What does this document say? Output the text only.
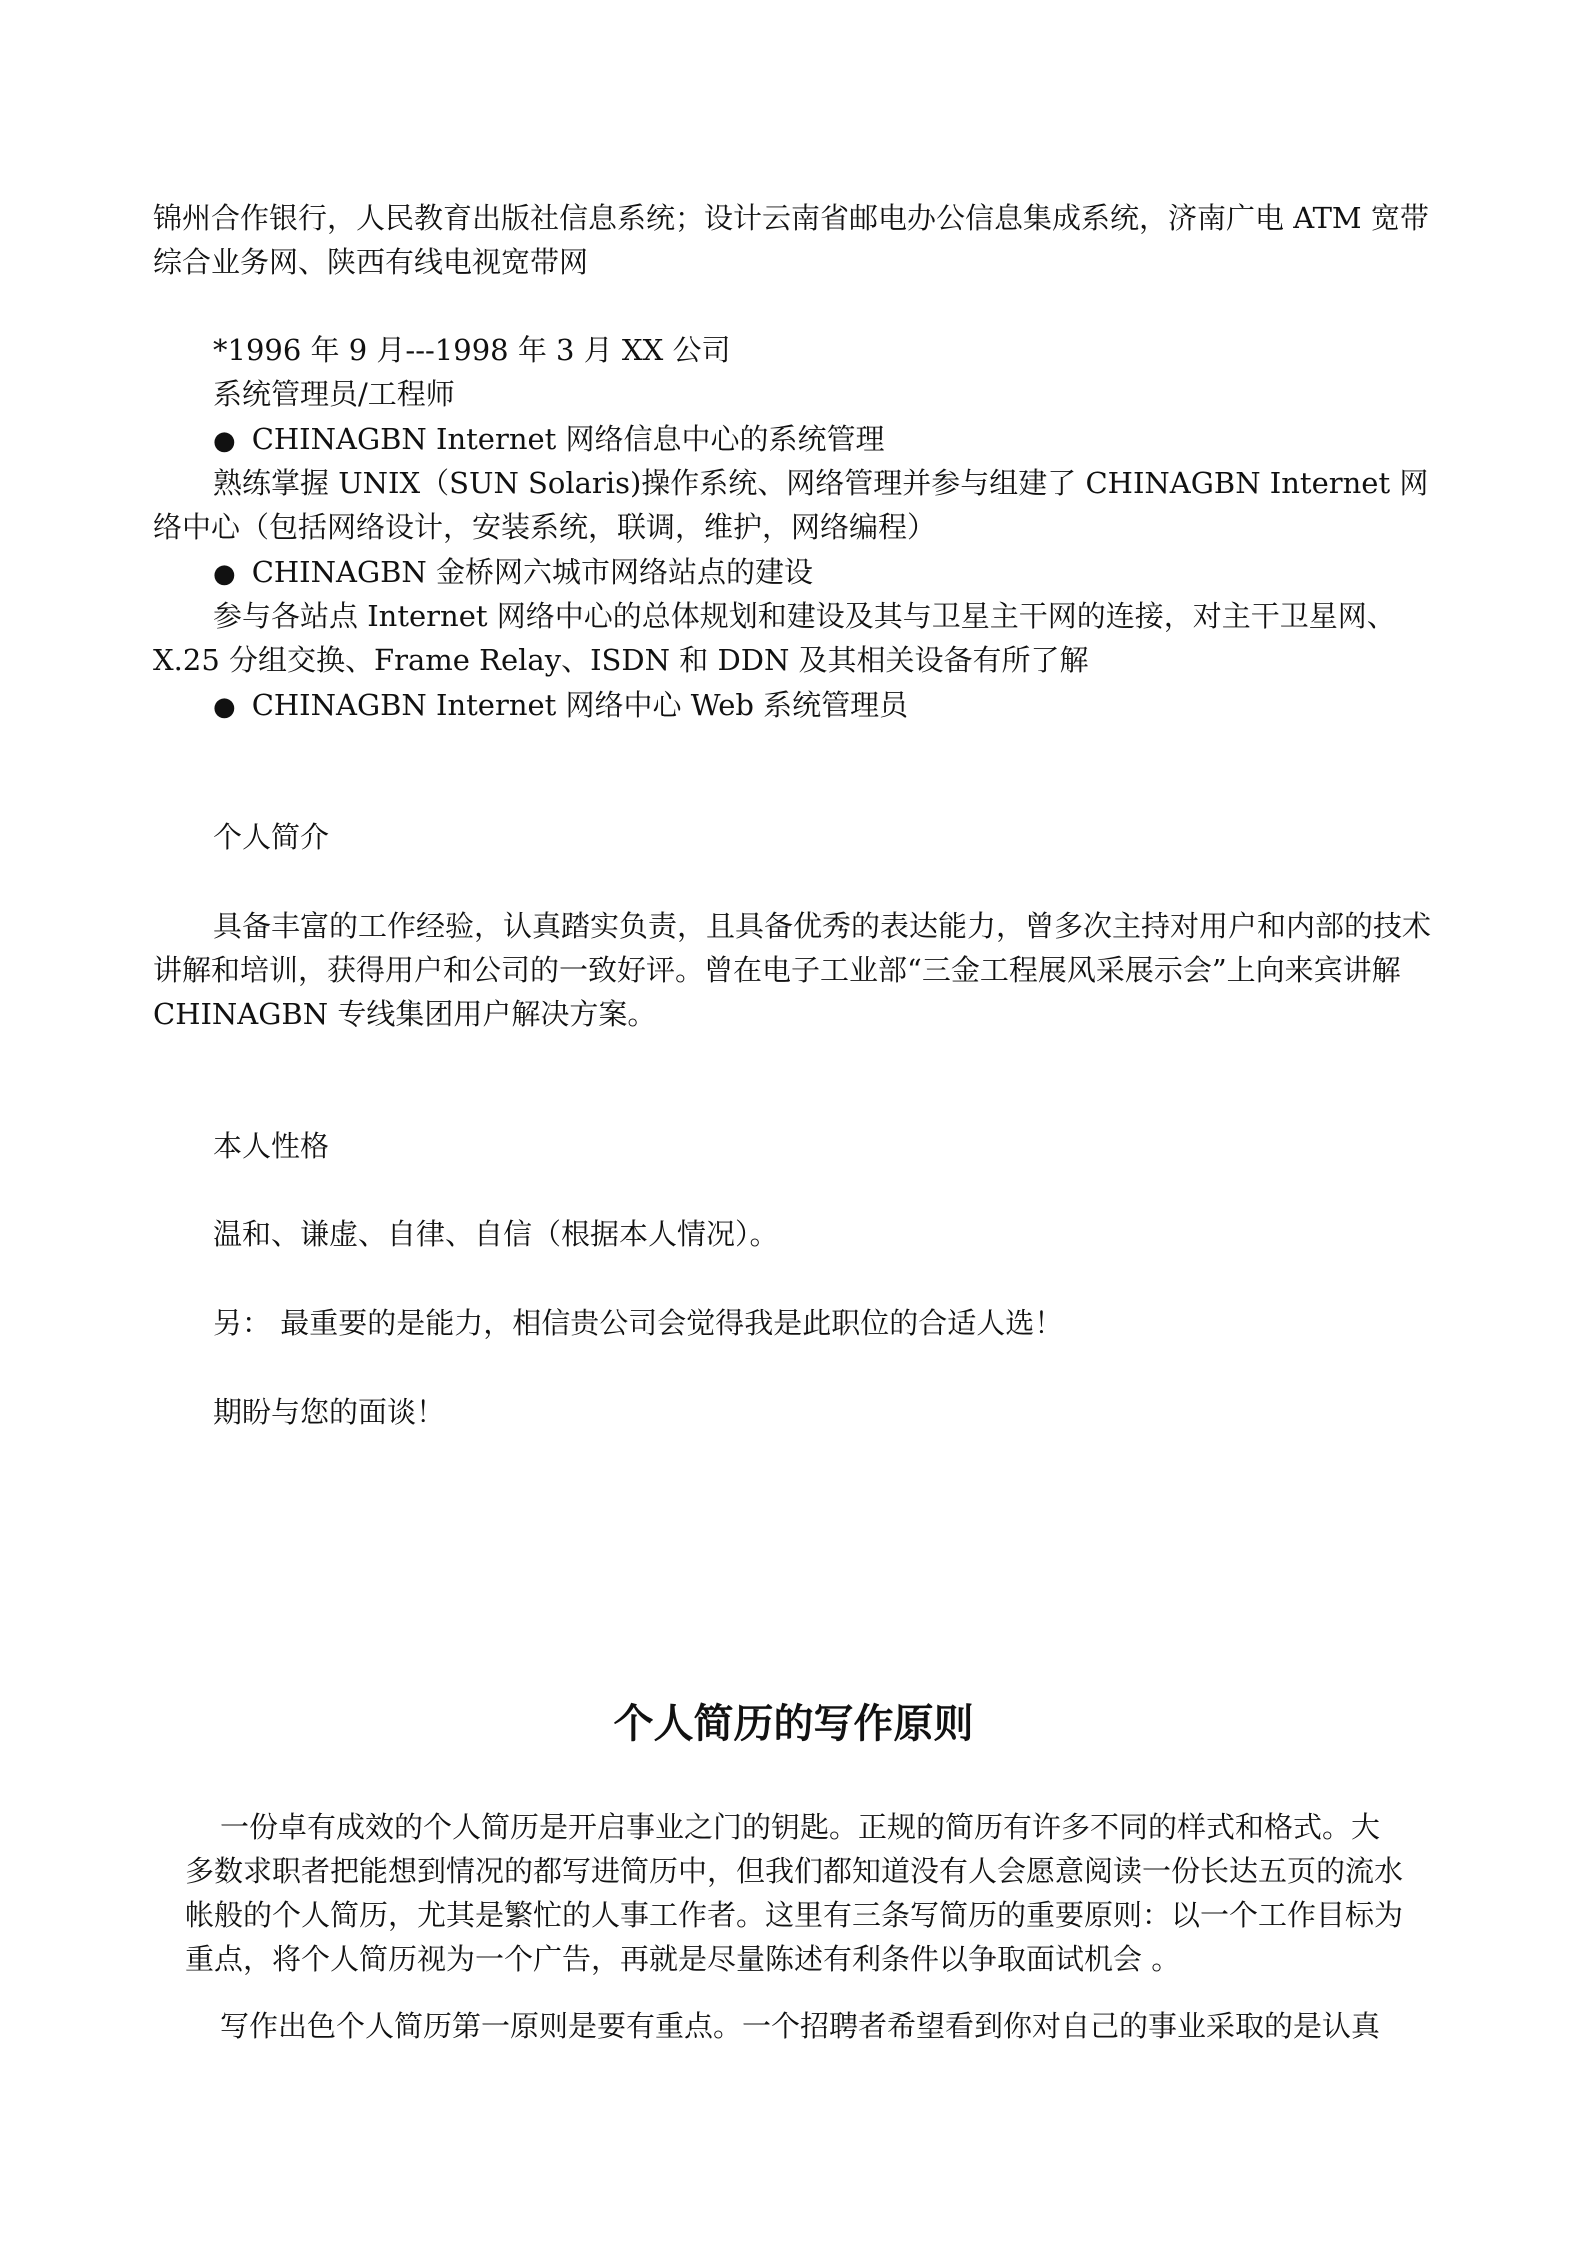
锦州合作银行，人民教育出版社信息系统；设计云南省邮电办公信息集成系统，济南广电 ATM 宽带综合业务网、陕西有线电视宽带网

*1996 年 9 月---1998 年 3 月 XX 公司

系统管理员/工程师

● CHINAGBN Internet 网络信息中心的系统管理

熟练掌握 UNIX（SUN Solaris)操作系统、网络管理并参与组建了 CHINAGBN Internet 网络中心（包括网络设计，安装系统，联调，维护，网络编程）

● CHINAGBN 金桥网六城市网络站点的建设

参与各站点 Internet 网络中心的总体规划和建设及其与卫星主干网的连接，对主干卫星网、X.25 分组交换、Frame Relay、ISDN 和 DDN 及其相关设备有所了解

● CHINAGBN Internet 网络中心 Web 系统管理员

个人简介

具备丰富的工作经验，认真踏实负责，且具备优秀的表达能力，曾多次主持对用户和内部的技术讲解和培训，获得用户和公司的一致好评。曾在电子工业部“三金工程展风采展示会”上向来宾讲解 CHINAGBN 专线集团用户解决方案。

本人性格

温和、谦虚、自律、自信（根据本人情况）。

另： 最重要的是能力，相信贵公司会觉得我是此职位的合适人选！

期盼与您的面谈！

个人简历的写作原则

一份卓有成效的个人简历是开启事业之门的钥匙。正规的简历有许多不同的样式和格式。大多数求职者把能想到情况的都写进简历中，但我们都知道没有人会愿意阅读一份长达五页的流水帐般的个人简历，尤其是繁忙的人事工作者。这里有三条写简历的重要原则：以一个工作目标为重点，将个人简历视为一个广告，再就是尽量陈述有利条件以争取面试机会 。

写作出色个人简历第一原则是要有重点。一个招聘者希望看到你对自己的事业采取的是认真
